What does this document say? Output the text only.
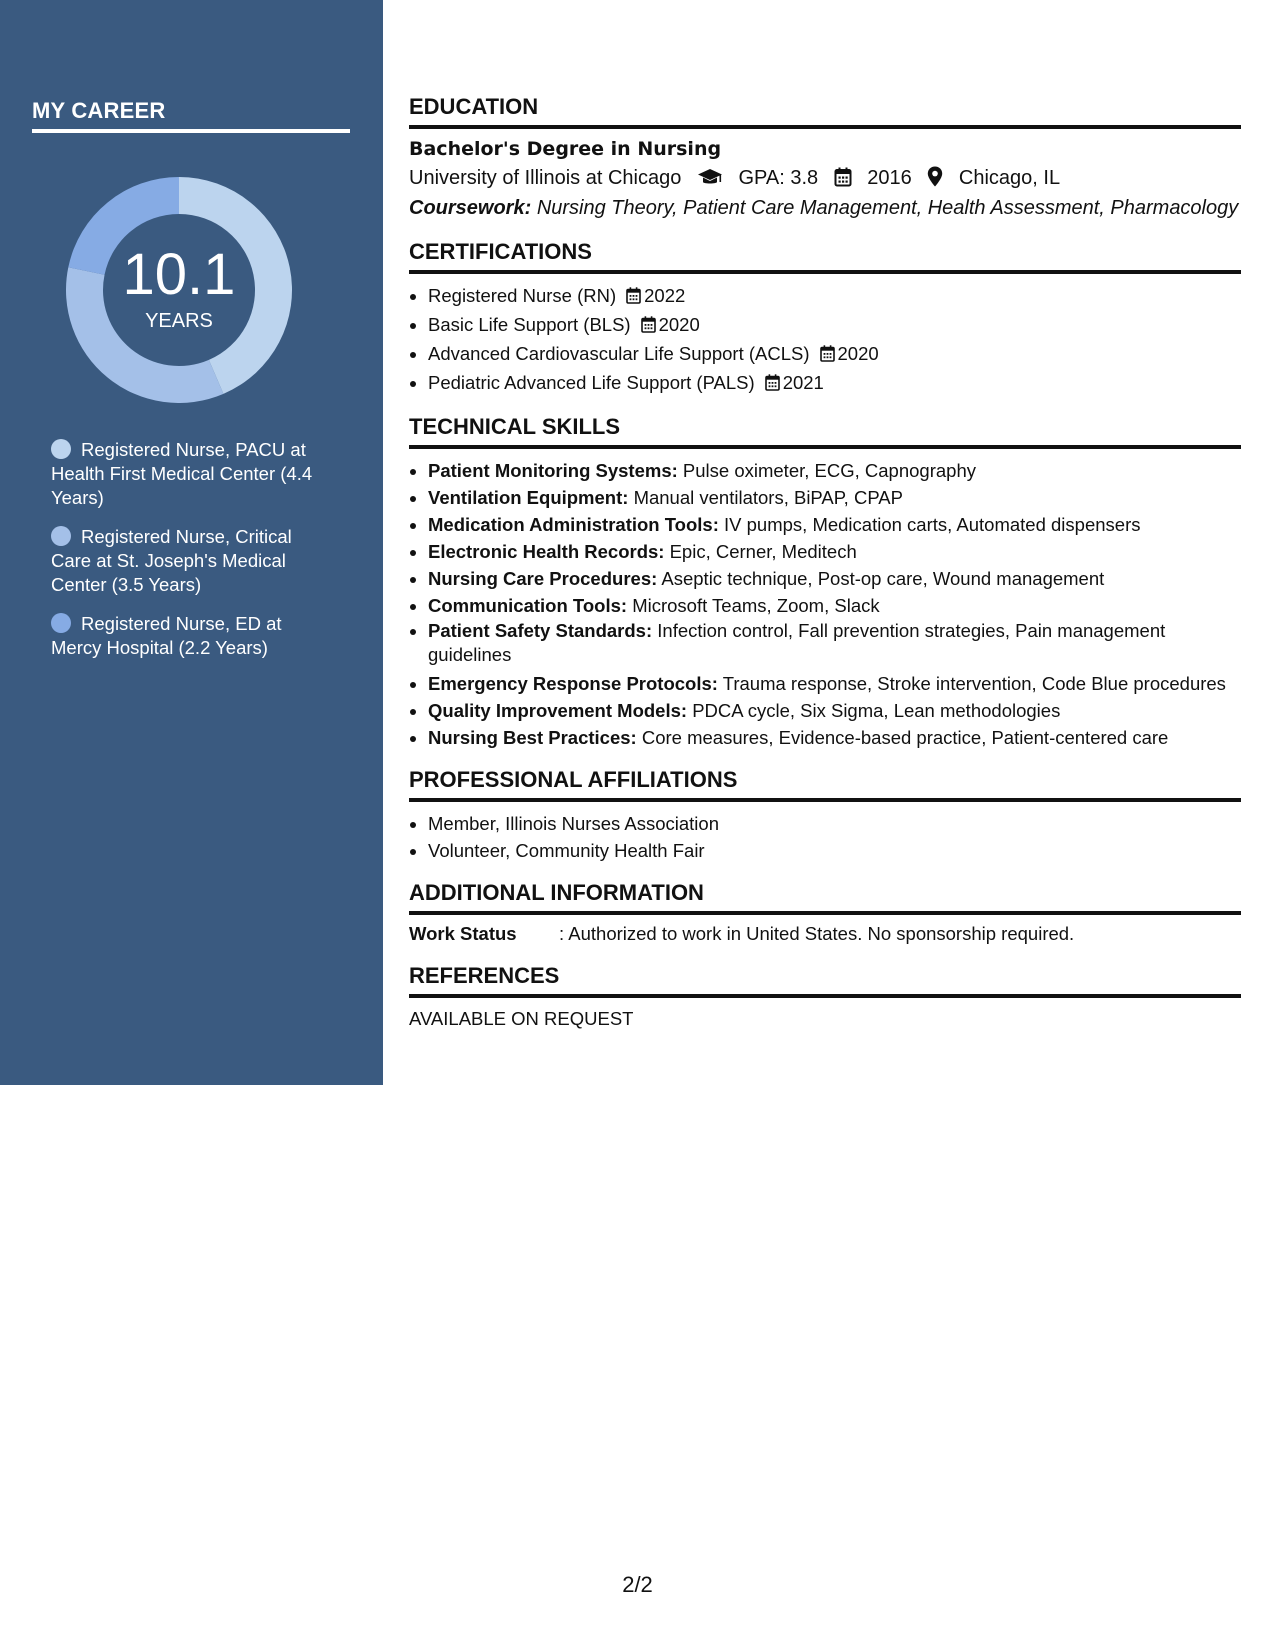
MY CAREER
10.1
YEARS
Registered Nurse, PACU at Health First Medical Center (4.4 Years)
Registered Nurse, Critical Care at St. Joseph's Medical Center (3.5 Years)
Registered Nurse, ED at Mercy Hospital (2.2 Years)
EDUCATION
Bachelor's Degree in Nursing
University of Illinois at Chicago	GPA: 3.8 2016 Chicago, IL
Coursework: Nursing Theory, Patient Care Management, Health Assessment, Pharmacology
CERTIFICATIONS
• Registered Nurse (RN) 2022
• Basic Life Support (BLS) 2020
• Advanced Cardiovascular Life Support (ACLS) 2020
• Pediatric Advanced Life Support (PALS) 2021
TECHNICAL SKILLS
• Patient Monitoring Systems: Pulse oximeter, ECG, Capnography
• Ventilation Equipment: Manual ventilators, BiPAP, CPAP
• Medication Administration Tools: IV pumps, Medication carts, Automated dispensers
• Electronic Health Records: Epic, Cerner, Meditech
• Nursing Care Procedures: Aseptic technique, Post-op care, Wound management
• Communication Tools: Microsoft Teams, Zoom, Slack
• Patient Safety Standards: Infection control, Fall prevention strategies, Pain management guidelines
• Emergency Response Protocols: Trauma response, Stroke intervention, Code Blue procedures
• Quality Improvement Models: PDCA cycle, Six Sigma, Lean methodologies
• Nursing Best Practices: Core measures, Evidence-based practice, Patient-centered care
PROFESSIONAL AFFILIATIONS
• Member, Illinois Nurses Association
• Volunteer, Community Health Fair
ADDITIONAL INFORMATION
Work Status : Authorized to work in United States. No sponsorship required.
REFERENCES
AVAILABLE ON REQUEST
2/2
